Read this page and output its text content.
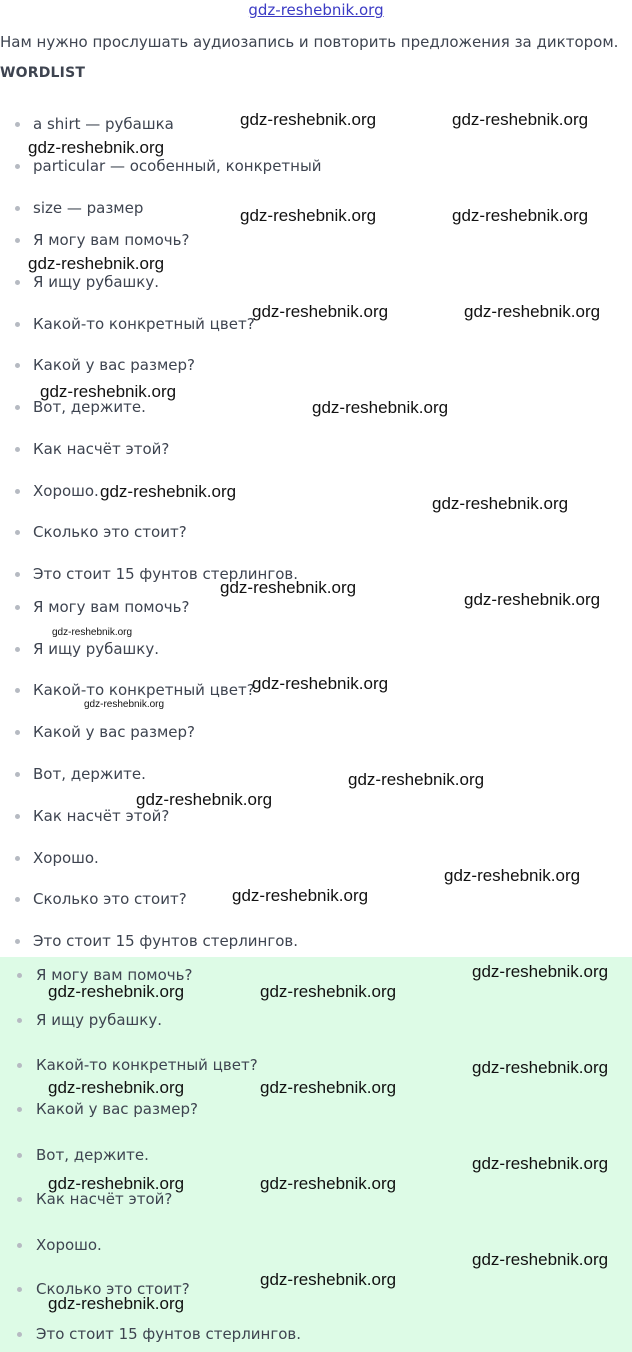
gdz-reshebnik.org
Нам нужно прослушать аудиозапись и повторить предложения за диктором.
WORDLIST
a shirt — рубашка
particular — особенный, конкретный
size — размер
Я могу вам помочь?
Я ищу рубашку.
Какой-то конкретный цвет?
Какой у вас размер?
Вот, держите.
Как насчёт этой?
Хорошо.
Сколько это стоит?
Это стоит 15 фунтов стерлингов.
Я могу вам помочь?
Я ищу рубашку.
Какой-то конкретный цвет?
Какой у вас размер?
Вот, держите.
Как насчёт этой?
Хорошо.
Сколько это стоит?
Это стоит 15 фунтов стерлингов.
Я могу вам помочь?
Я ищу рубашку.
Какой-то конкретный цвет?
Какой у вас размер?
Вот, держите.
Как насчёт этой?
Хорошо.
Сколько это стоит?
Это стоит 15 фунтов стерлингов.
gdz-reshebnik.org	gdz-reshebnik.org
gdz-reshebnik.org
gdz-reshebnik.org	gdz-reshebnik.org
gdz-reshebnik.org
gdz-reshebnik.org	gdz-reshebnik.org
gdz-reshebnik.org
gdz-reshebnik.org
gdz-reshebnik.org
gdz-reshebnik.org
gdz-reshebnik.org
gdz-reshebnik.org
gdz-reshebnik.org
gdz-reshebnik.org
gdz-reshebnik.org
gdz-reshebnik.org
gdz-reshebnik.org
gdz-reshebnik.org
gdz-reshebnik.org
gdz-reshebnik.org
gdz-reshebnik.org	gdz-reshebnik.org
gdz-reshebnik.org
gdz-reshebnik.org	gdz-reshebnik.org
gdz-reshebnik.org
gdz-reshebnik.org	gdz-reshebnik.org
gdz-reshebnik.org
gdz-reshebnik.org
gdz-reshebnik.org
